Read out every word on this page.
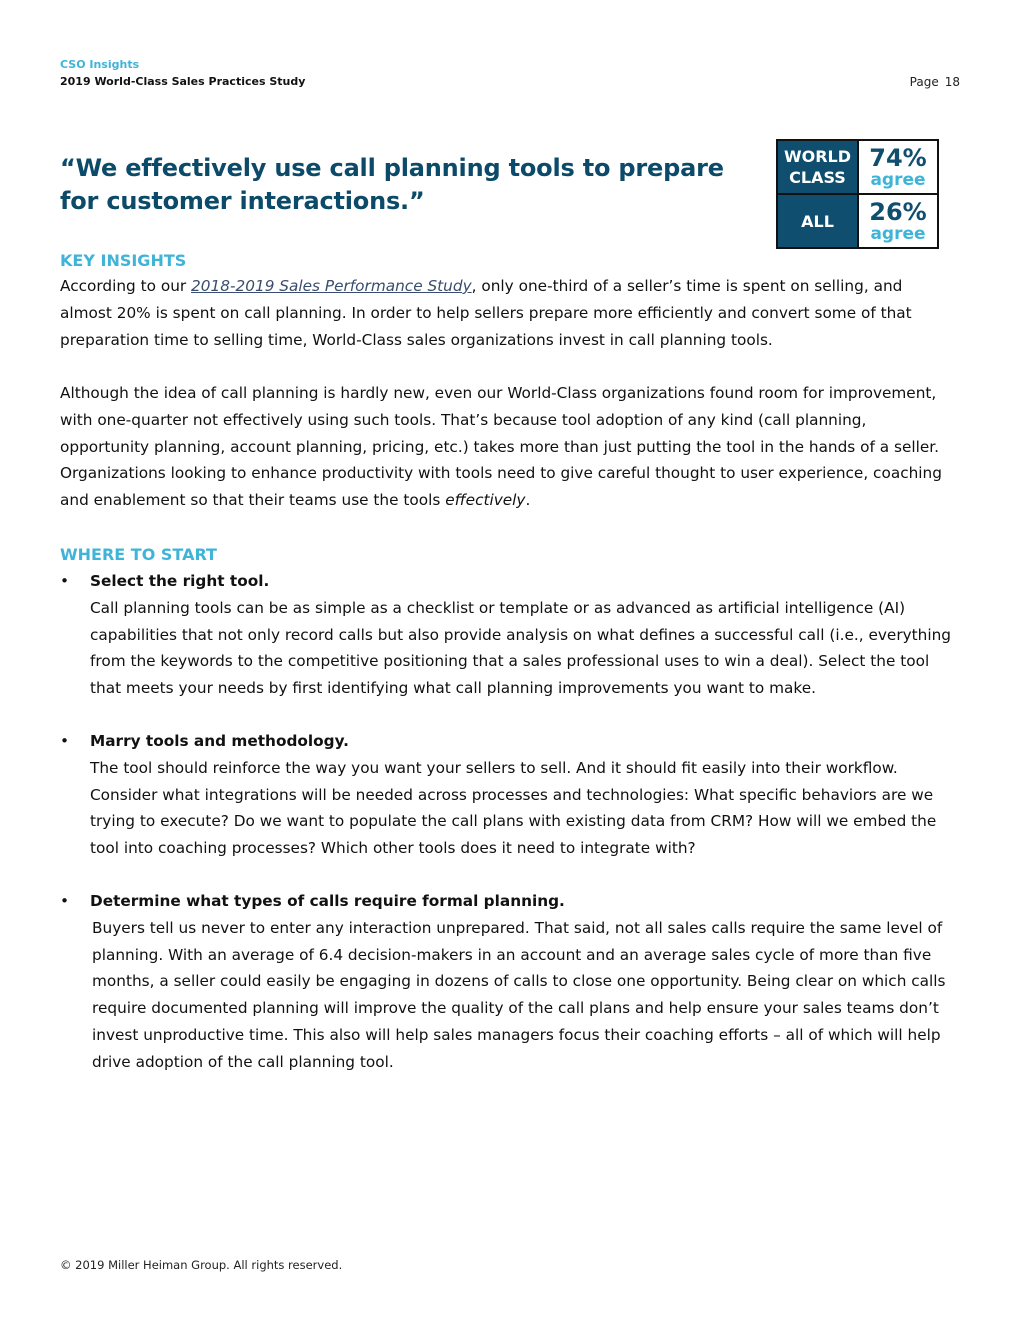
CSO Insights
2019 World-Class Sales Practices Study	Page 18
“We effectively use call planning tools to prepare for customer interactions.”
WORLD CLASS
74%
agree
ALL	26%
agree
KEY INSIGHTS

According to our 2018-2019 Sales Performance Study, only one-third of a seller’s time is spent on selling, and almost 20% is spent on call planning. In order to help sellers prepare more efficiently and convert some of that preparation time to selling time, World-Class sales organizations invest in call planning tools.

Although the idea of call planning is hardly new, even our World-Class organizations found room for improvement, with one-quarter not effectively using such tools. That’s because tool adoption of any kind (call planning, opportunity planning, account planning, pricing, etc.) takes more than just putting the tool in the hands of a seller. Organizations looking to enhance productivity with tools need to give careful thought to user experience, coaching and enablement so that their teams use the tools effectively.

WHERE TO START
• Select the right tool.

Call planning tools can be as simple as a checklist or template or as advanced as artificial intelligence (AI) capabilities that not only record calls but also provide analysis on what defines a successful call (i.e., everything from the keywords to the competitive positioning that a sales professional uses to win a deal). Select the tool that meets your needs by first identifying what call planning improvements you want to make.

• Marry tools and methodology.

The tool should reinforce the way you want your sellers to sell. And it should fit easily into their workflow. Consider what integrations will be needed across processes and technologies: What specific behaviors are we trying to execute? Do we want to populate the call plans with existing data from CRM? How will we embed the tool into coaching processes? Which other tools does it need to integrate with?

• Determine what types of calls require formal planning.

Buyers tell us never to enter any interaction unprepared. That said, not all sales calls require the same level of planning. With an average of 6.4 decision-makers in an account and an average sales cycle of more than five months, a seller could easily be engaging in dozens of calls to close one opportunity. Being clear on which calls require documented planning will improve the quality of the call plans and help ensure your sales teams don’t invest unproductive time. This also will help sales managers focus their coaching efforts – all of which will help drive adoption of the call planning tool.

© 2019 Miller Heiman Group. All rights reserved.
